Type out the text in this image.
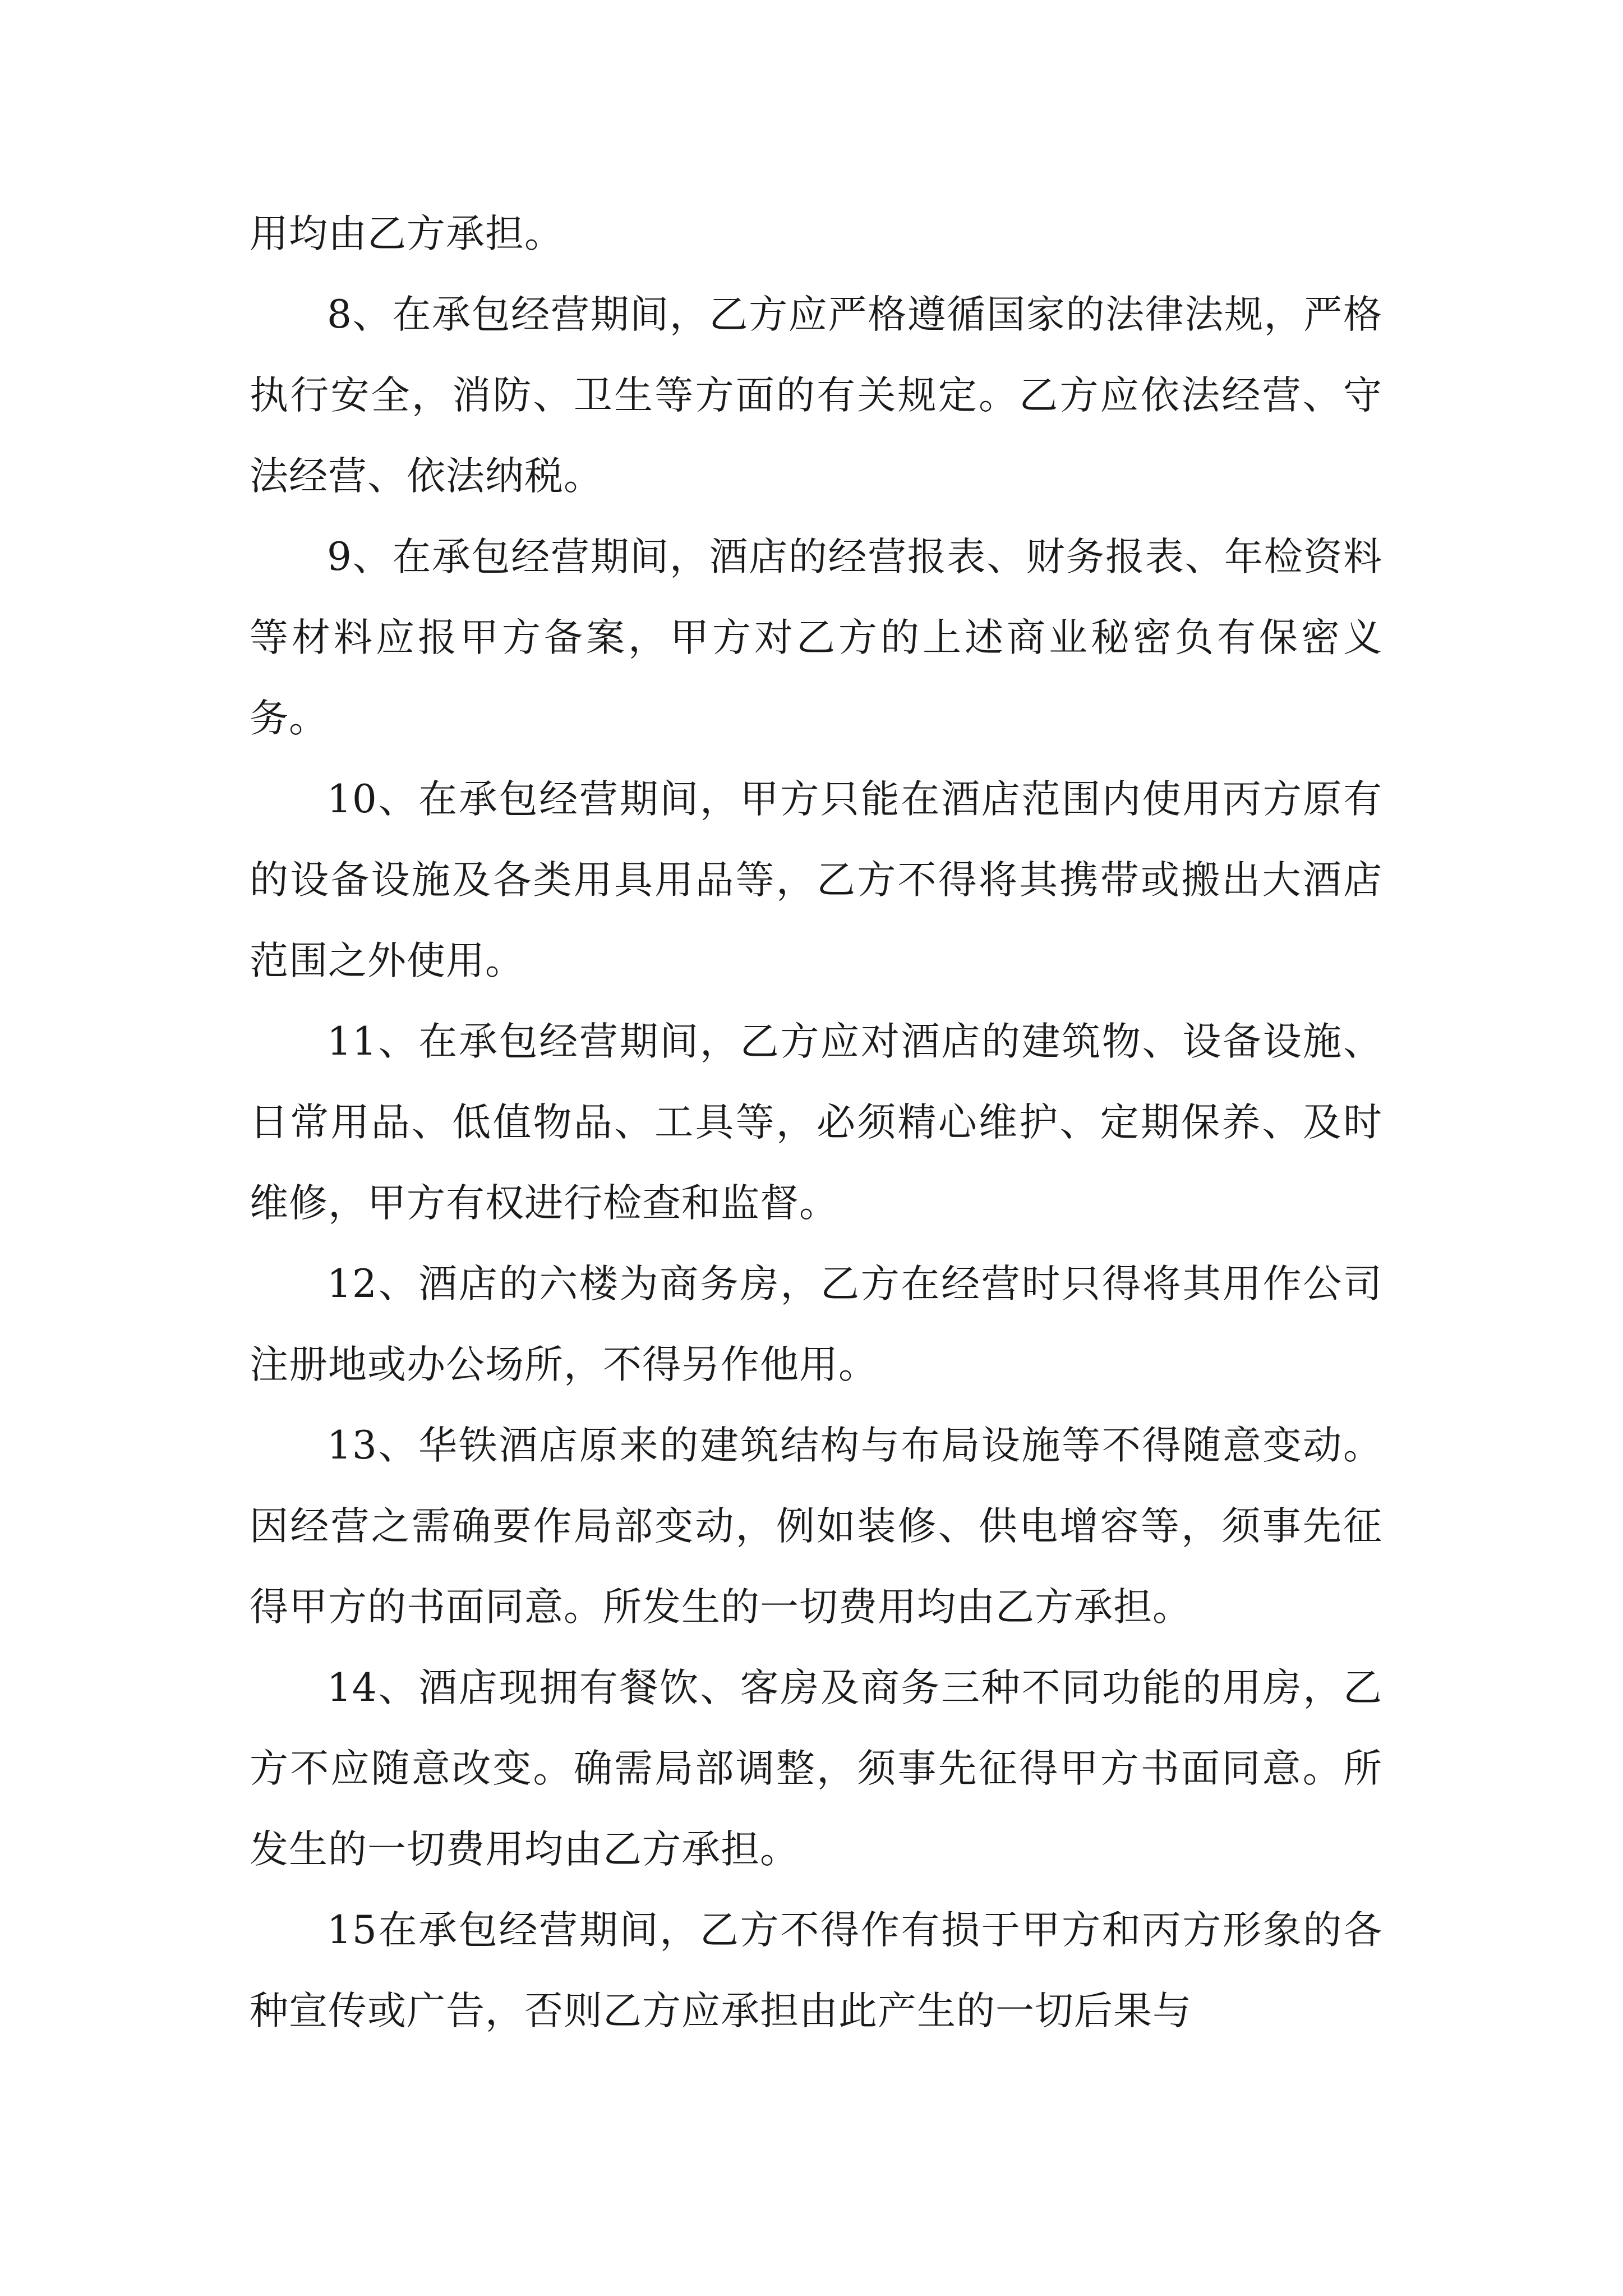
用均由乙方承担。

8、在承包经营期间，乙方应严格遵循国家的法律法规，严格执行安全，消防、卫生等方面的有关规定。乙方应依法经营、守法经营、依法纳税。

9、在承包经营期间，酒店的经营报表、财务报表、年检资料等材料应报甲方备案，甲方对乙方的上述商业秘密负有保密义务。

10、在承包经营期间，甲方只能在酒店范围内使用丙方原有的设备设施及各类用具用品等，乙方不得将其携带或搬出大酒店范围之外使用。

11、在承包经营期间，乙方应对酒店的建筑物、设备设施、日常用品、低值物品、工具等，必须精心维护、定期保养、及时维修，甲方有权进行检查和监督。

12、酒店的六楼为商务房，乙方在经营时只得将其用作公司注册地或办公场所，不得另作他用。

13、华铁酒店原来的建筑结构与布局设施等不得随意变动。因经营之需确要作局部变动，例如装修、供电增容等，须事先征得甲方的书面同意。所发生的一切费用均由乙方承担。

14、酒店现拥有餐饮、客房及商务三种不同功能的用房，乙方不应随意改变。确需局部调整，须事先征得甲方书面同意。所发生的一切费用均由乙方承担。

15在承包经营期间，乙方不得作有损于甲方和丙方形象的各种宣传或广告，否则乙方应承担由此产生的一切后果与
